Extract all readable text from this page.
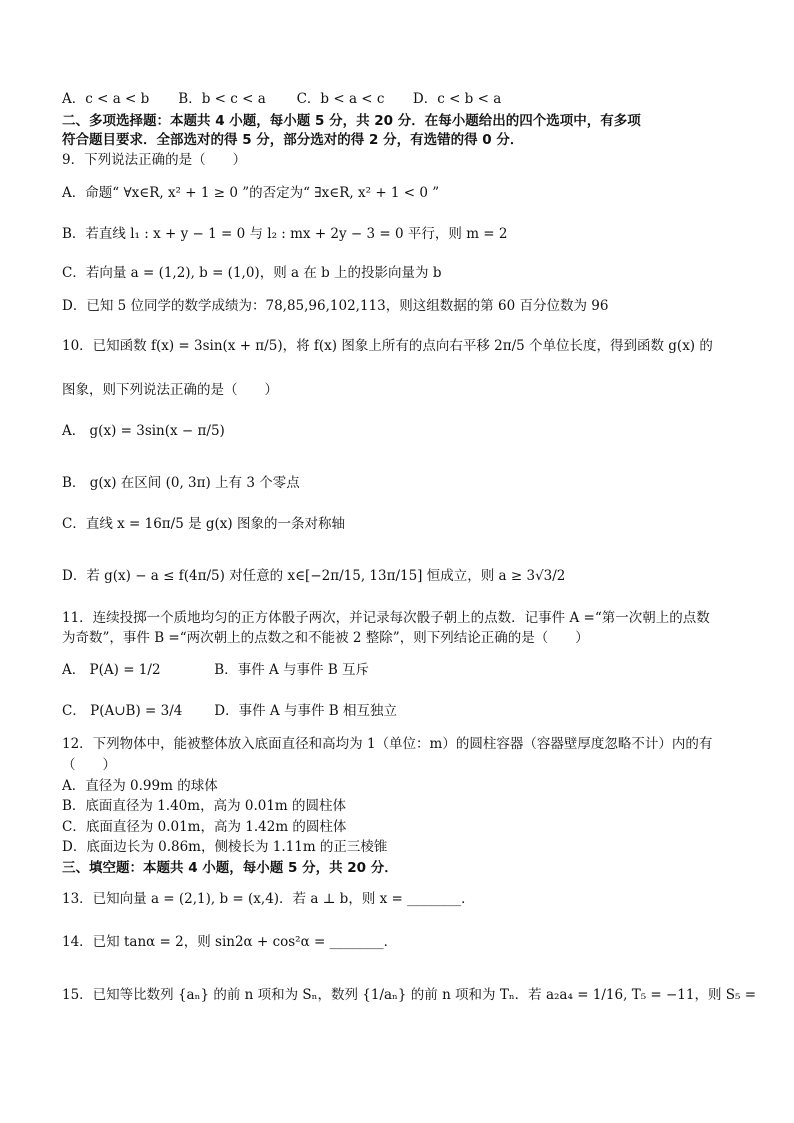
A．c < a < b B．b < c < a C．b < a < c D．c < b < a
二、多项选择题：本题共 4 小题，每小题 5 分，共 20 分．在每小题给出的四个选项中，有多项
符合题目要求．全部选对的得 5 分，部分选对的得 2 分，有选错的得 0 分．
9．下列说法正确的是（　　）
A．命题“ ∀x∈R, x² + 1 ≥ 0 ”的否定为“ ∃x∈R, x² + 1 < 0 ”
B．若直线 l₁ : x + y − 1 = 0 与 l₂ : mx + 2y − 3 = 0 平行，则 m = 2
C．若向量 a = (1,2), b = (1,0)，则 a 在 b 上的投影向量为 b
D．已知 5 位同学的数学成绩为：78,85,96,102,113，则这组数据的第 60 百分位数为 96
10．已知函数 f(x) = 3sin(x + π/5)，将 f(x) 图象上所有的点向右平移 2π/5 个单位长度，得到函数 g(x) 的
图象，则下列说法正确的是（　　）
A． g(x) = 3sin(x − π/5)
B． g(x) 在区间 (0, 3π) 上有 3 个零点
C．直线 x = 16π/5 是 g(x) 图象的一条对称轴
D．若 g(x) − a ≤ f(4π/5) 对任意的 x∈[−2π/15, 13π/15] 恒成立，则 a ≥ 3√3/2
11．连续投掷一个质地均匀的正方体骰子两次，并记录每次骰子朝上的点数．记事件 A =“第一次朝上的点数
为奇数”，事件 B =“两次朝上的点数之和不能被 2 整除”，则下列结论正确的是（　　）
A． P(A) = 1/2	B．事件 A 与事件 B 互斥
C． P(A∪B) = 3/4 D．事件 A 与事件 B 相互独立
12．下列物体中，能被整体放入底面直径和高均为 1（单位：m）的圆柱容器（容器壁厚度忽略不计）内的有
（　　）
A．直径为 0.99m 的球体
B．底面直径为 1.40m，高为 0.01m 的圆柱体
C．底面直径为 0.01m，高为 1.42m 的圆柱体
D．底面边长为 0.86m，侧棱长为 1.11m 的正三棱锥
三、填空题：本题共 4 小题，每小题 5 分，共 20 分．
13．已知向量 a = (2,1), b = (x,4)．若 a ⊥ b，则 x = ________．
14．已知 tanα = 2，则 sin2α + cos²α = ________．
15．已知等比数列 {aₙ} 的前 n 项和为 Sₙ，数列 {1/aₙ} 的前 n 项和为 Tₙ．若 a₂a₄ = 1/16, T₅ = −11，则 S₅ =
